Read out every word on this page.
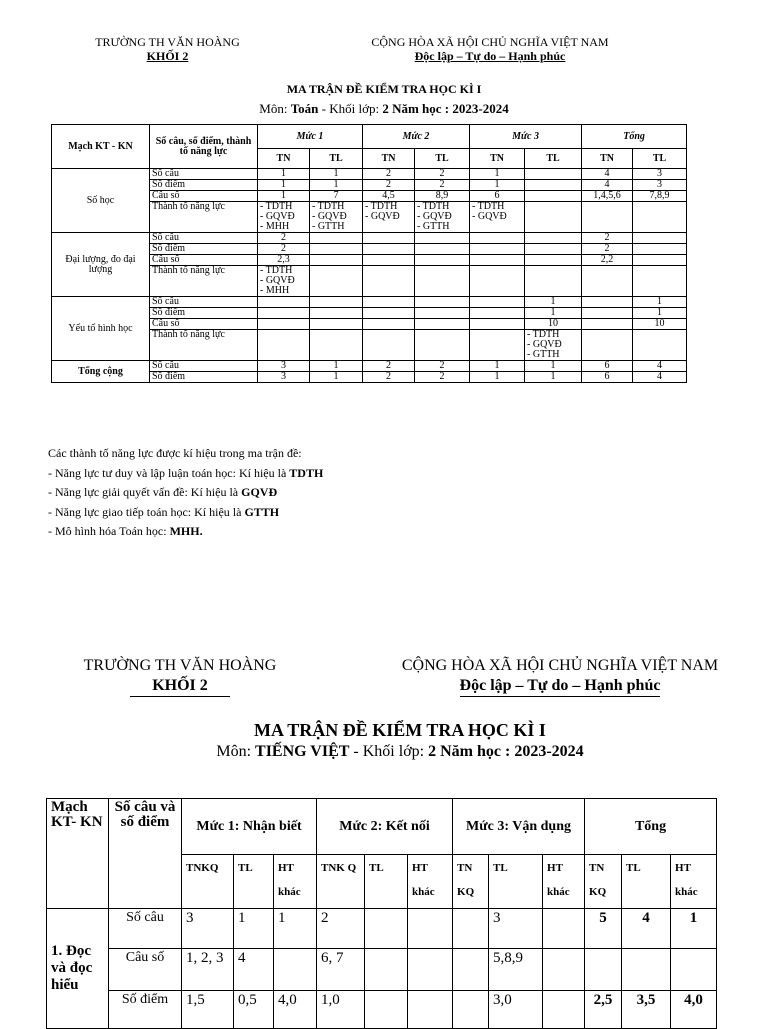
TRƯỜNG TH VĂN HOÀNG
KHỐI 2
CỘNG HÒA XÃ HỘI CHỦ NGHĨA VIỆT NAM
Độc lập – Tự do – Hạnh phúc
MA TRẬN ĐỀ KIỂM TRA HỌC KÌ I
Môn: Toán - Khối lớp: 2 Năm học : 2023-2024
Mạch KT - KN	Số câu, số điểm, thành tố năng lực	Mức 1		Mức 2		Mức 3		Tổng	
		TN	TL	TN	TL	TN	TL	TN	TL
Số học	Số câu	1	1	2	2	1		4	3
	Số điểm	1	1	2	2	1		4	3
	Câu số	1	7	4,5	8,9	6		1,4,5,6	7,8,9
	Thành tố năng lực	- TDTH
- GQVĐ
- MHH	- TDTH
- GQVĐ
- GTTH	- TDTH
- GQVĐ	- TDTH
- GQVĐ
- GTTH	- TDTH
- GQVĐ			
Đại lượng, đo đại lượng	Số câu	2						2	
	Số điểm	2						2	
	Câu số	2,3						2,2	
	Thành tố năng lực	- TDTH
- GQVĐ
- MHH							
Yếu tố hình học	Số câu						1		1
	Số điểm						1		1
	Câu số						10		10
	Thành tố năng lực						- TDTH
- GQVĐ
- GTTH		
Tổng cộng	Số câu	3	1	2	2	1	1	6	4
	Số điểm	3	1	2	2	1	1	6	4
Các thành tố năng lực được kí hiệu trong ma trận đề:
- Năng lực tư duy và lập luận toán học: Kí hiệu là TDTH
- Năng lực giải quyết vấn đề: Kí hiệu là GQVĐ
- Năng lực giao tiếp toán học: Kí hiệu là GTTH
- Mô hình hóa Toán học: MHH.
TRƯỜNG TH VĂN HOÀNG
KHỐI 2
CỘNG HÒA XÃ HỘI CHỦ NGHĨA VIỆT NAM
Độc lập – Tự do – Hạnh phúc
MA TRẬN ĐỀ KIỂM TRA HỌC KÌ I
Môn: TIẾNG VIỆT - Khối lớp: 2 Năm học : 2023-2024
Mạch KT- KN	Số câu và số điểm	Mức 1: Nhận biết			Mức 2: Kết nối			Mức 3: Vận dụng			Tổng		
		TNKQ	TL	HT khác	TNK Q	TL	HT khác	TN KQ	TL	HT khác	TN KQ	TL	HT khác
1. Đọc và đọc hiểu	Số câu	3	1	1	2				3		5	4	1
	Câu số	1, 2, 3	4		6, 7				5,8,9				
	Số điểm	1,5	0,5	4,0	1,0				3,0		2,5	3,5	4,0
